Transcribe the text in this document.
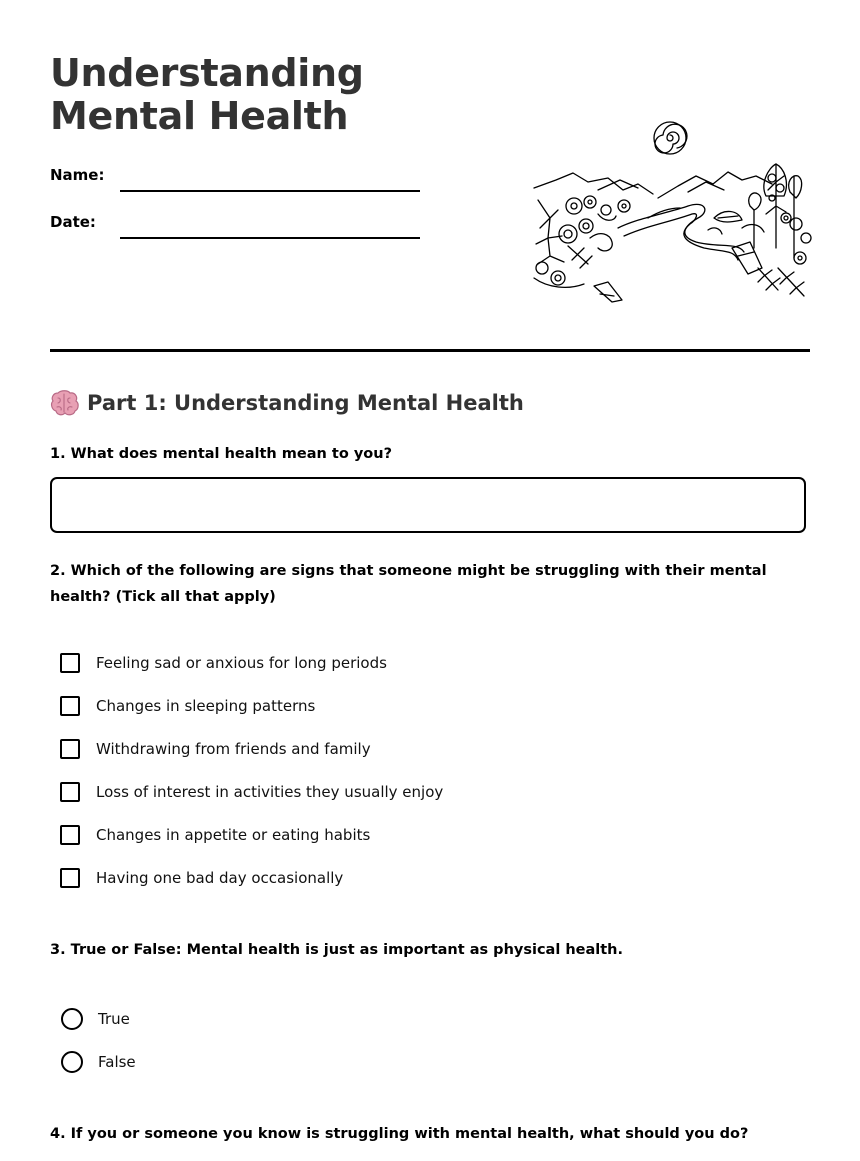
Understanding Mental Health
Name:
Date:
Part 1: Understanding Mental Health

1. What does mental health mean to you?

2. Which of the following are signs that someone might be struggling with their mental health? (Tick all that apply)

Feeling sad or anxious for long periods
Changes in sleeping patterns
Withdrawing from friends and family
Loss of interest in activities they usually enjoy
Changes in appetite or eating habits
Having one bad day occasionally

3. True or False: Mental health is just as important as physical health.

True
False

4. If you or someone you know is struggling with mental health, what should you do?
